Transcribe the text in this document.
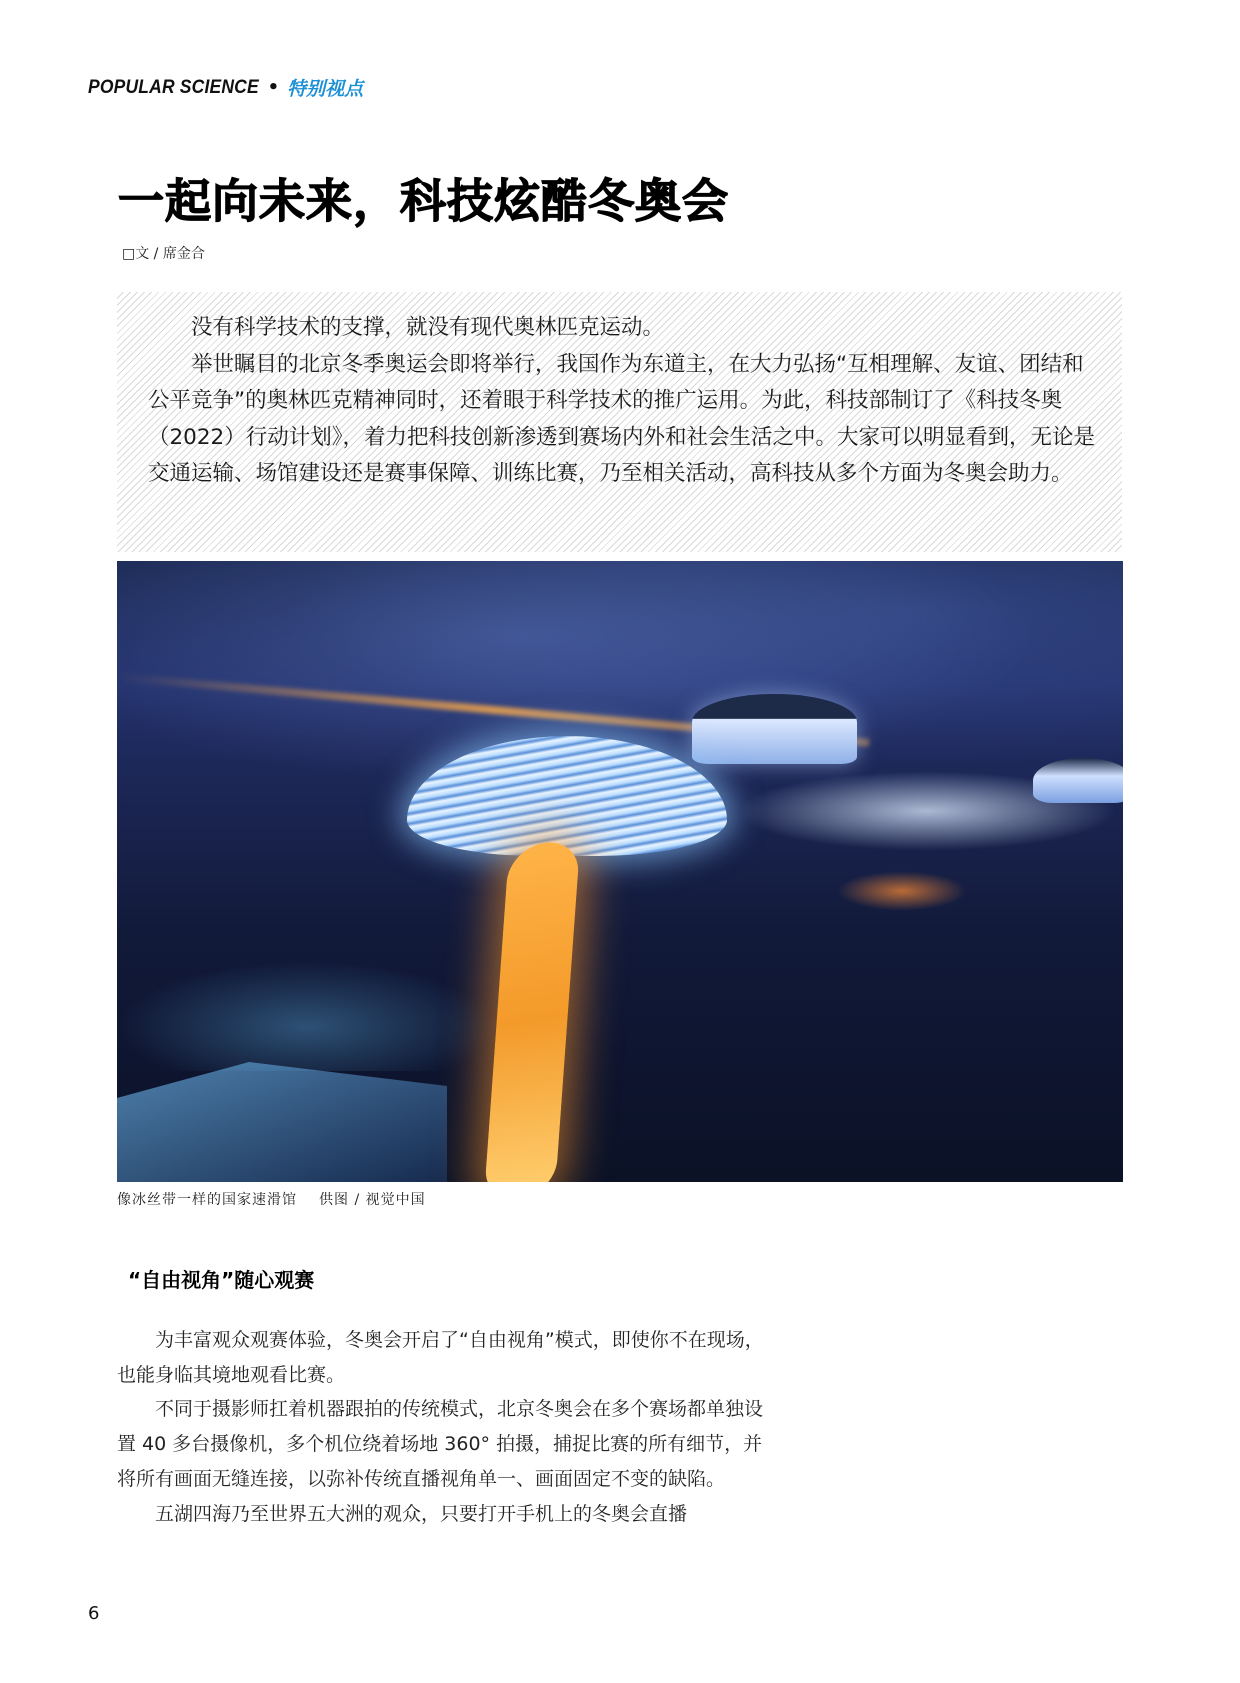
POPULAR SCIENCE • 特别视点
一起向未来，科技炫酷冬奥会
□文 / 席金合

没有科学技术的支撑，就没有现代奥林匹克运动。

举世瞩目的北京冬季奥运会即将举行，我国作为东道主，在大力弘扬“互相理解、友谊、团结和公平竞争”的奥林匹克精神同时，还着眼于科学技术的推广运用。为此，科技部制订了《科技冬奥（2022）行动计划》，着力把科技创新渗透到赛场内外和社会生活之中。大家可以明显看到，无论是交通运输、场馆建设还是赛事保障、训练比赛，乃至相关活动，高科技从多个方面为冬奥会助力。

像冰丝带一样的国家速滑馆 供图 / 视觉中国
“自由视角”随心观赛

为丰富观众观赛体验，冬奥会开启了“自由视角”模式，即使你不在现场，也能身临其境地观看比赛。

不同于摄影师扛着机器跟拍的传统模式，北京冬奥会在多个赛场都单独设置 40 多台摄像机，多个机位绕着场地 360° 拍摄，捕捉比赛的所有细节，并将所有画面无缝连接，以弥补传统直播视角单一、画面固定不变的缺陷。

五湖四海乃至世界五大洲的观众，只要打开手机上的冬奥会直播

6
